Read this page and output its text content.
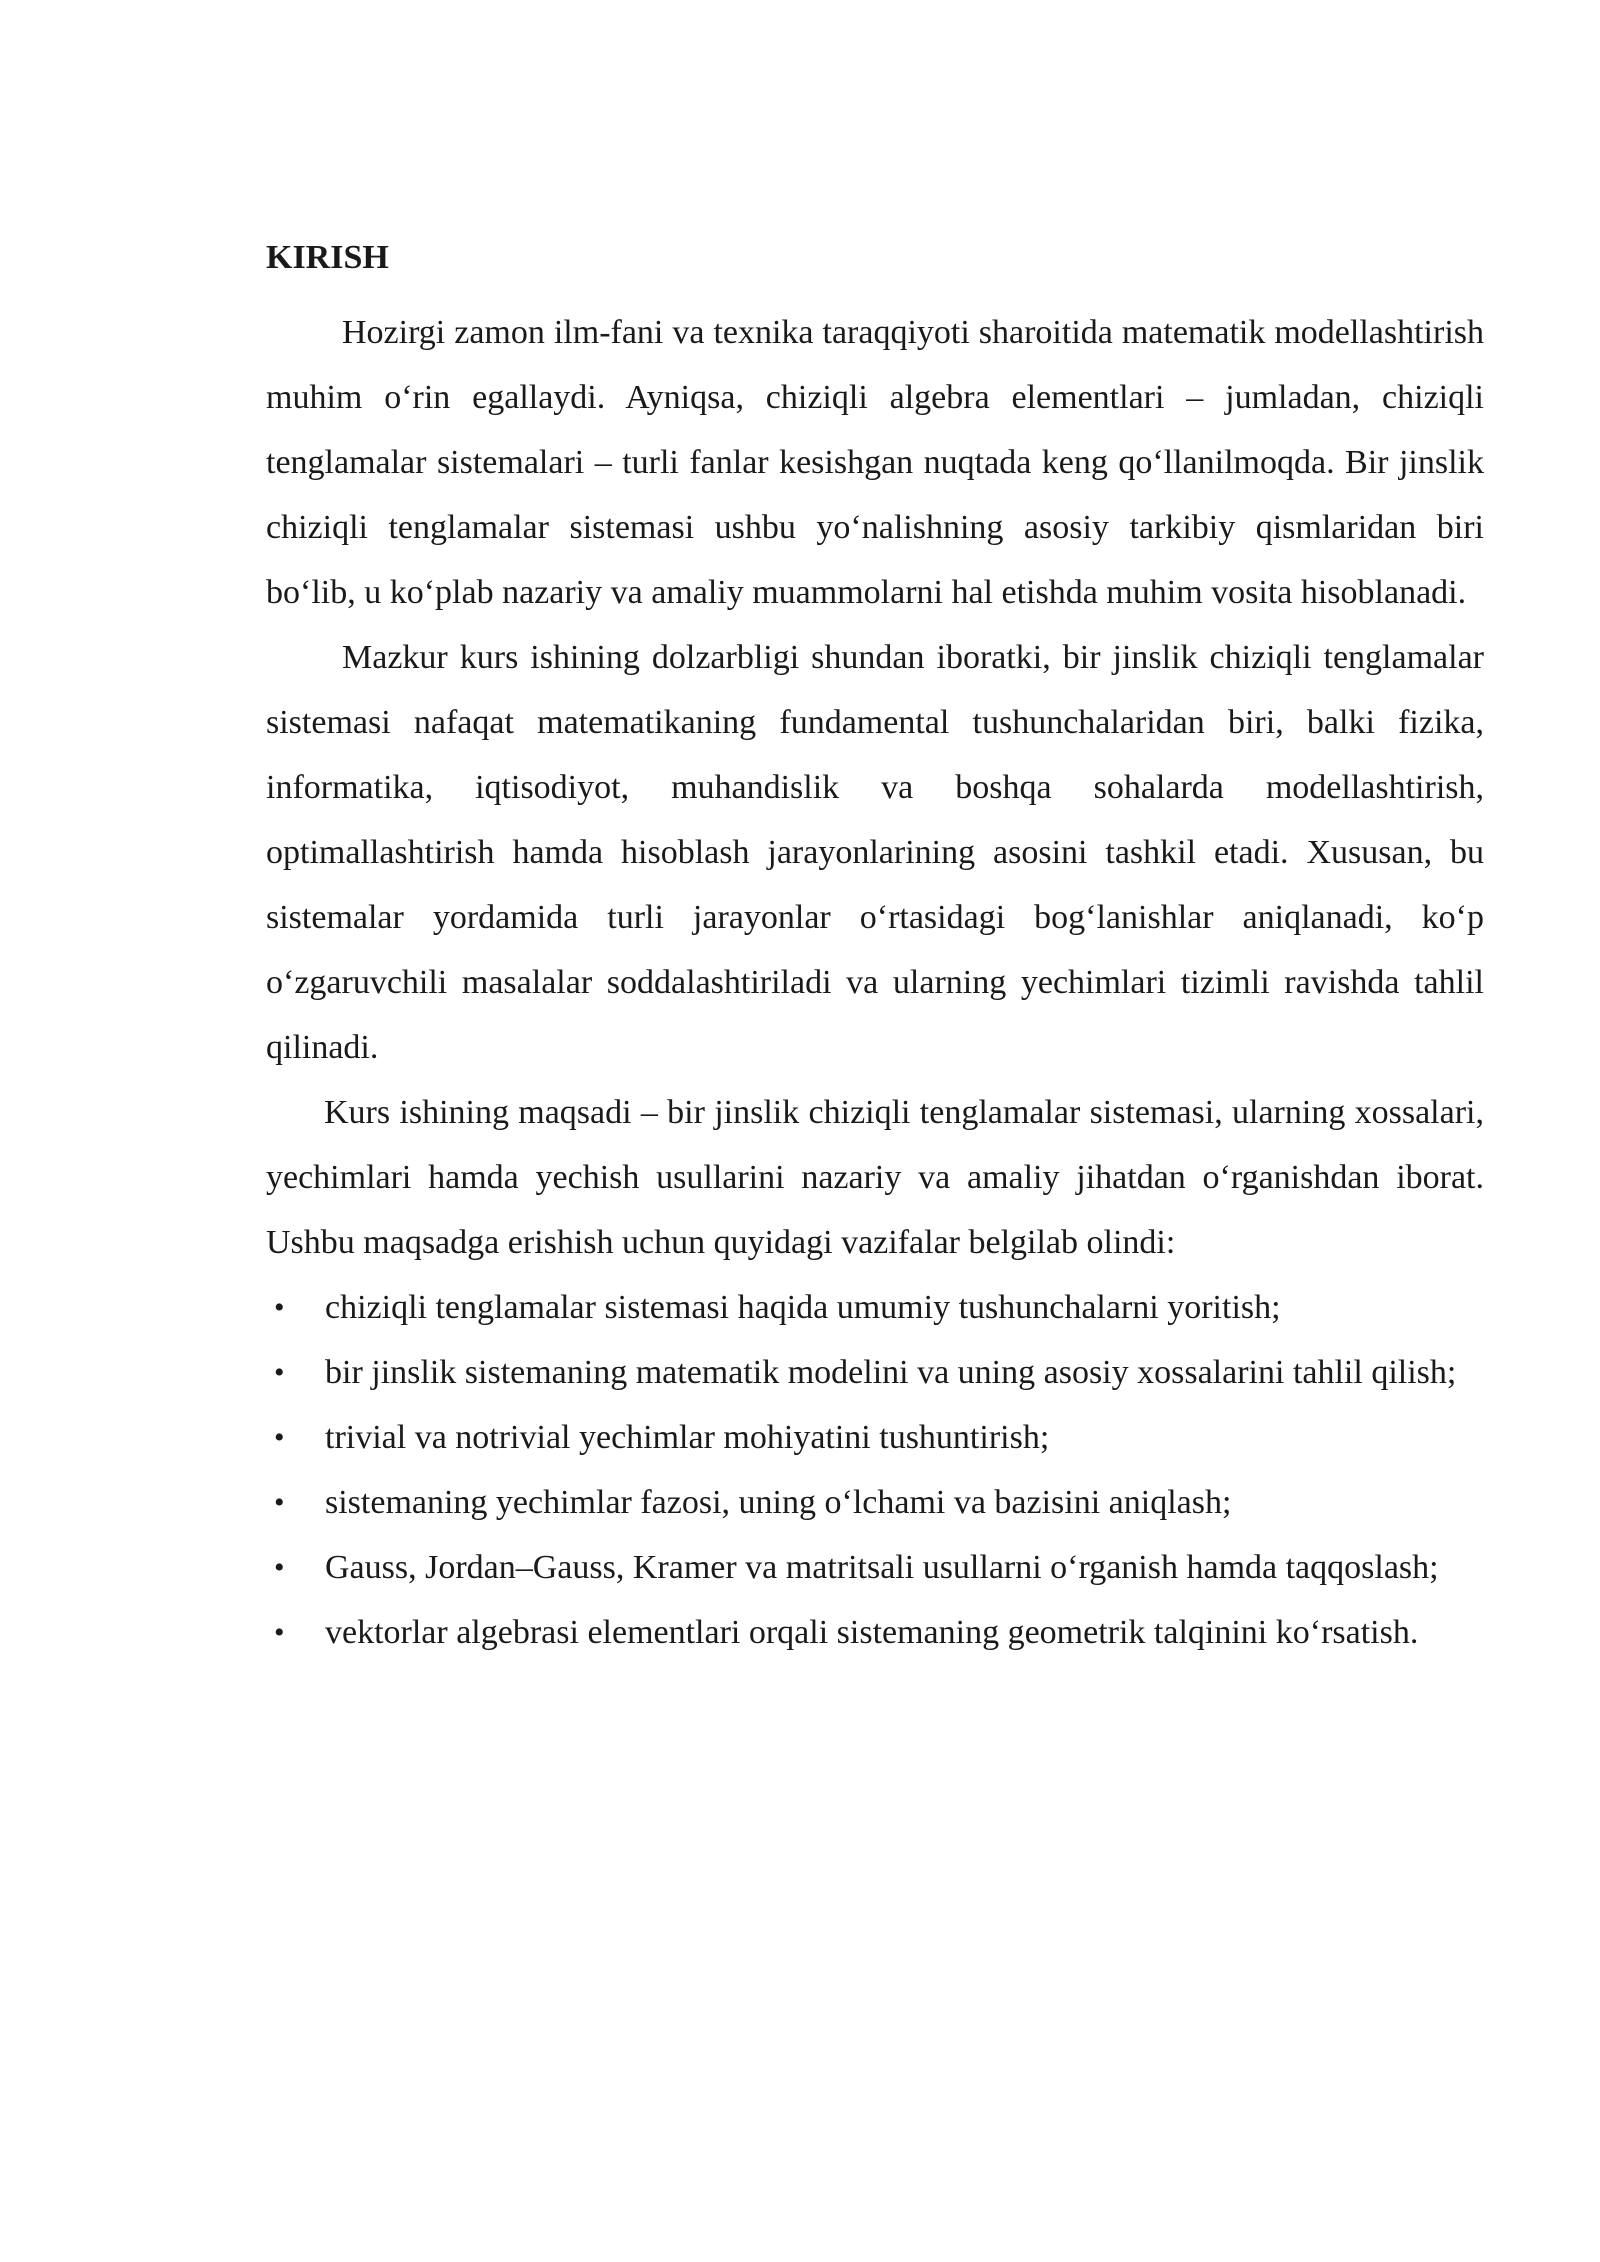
KIRISH

Hozirgi zamon ilm-fani va texnika taraqqiyoti sharoitida matematik modellashtirish muhim o‘rin egallaydi. Ayniqsa, chiziqli algebra elementlari – jumladan, chiziqli tenglamalar sistemalari – turli fanlar kesishgan nuqtada keng qo‘llanilmoqda. Bir jinslik chiziqli tenglamalar sistemasi ushbu yo‘nalishning asosiy tarkibiy qismlaridan biri bo‘lib, u ko‘plab nazariy va amaliy muammolarni hal etishda muhim vosita hisoblanadi.

Mazkur kurs ishining dolzarbligi shundan iboratki, bir jinslik chiziqli tenglamalar sistemasi nafaqat matematikaning fundamental tushunchalaridan biri, balki fizika, informatika, iqtisodiyot, muhandislik va boshqa sohalarda modellashtirish, optimallashtirish hamda hisoblash jarayonlarining asosini tashkil etadi. Xususan, bu sistemalar yordamida turli jarayonlar o‘rtasidagi bog‘lanishlar aniqlanadi, ko‘p o‘zgaruvchili masalalar soddalashtiriladi va ularning yechimlari tizimli ravishda tahlil qilinadi.

Kurs ishining maqsadi – bir jinslik chiziqli tenglamalar sistemasi, ularning xossalari, yechimlari hamda yechish usullarini nazariy va amaliy jihatdan o‘rganishdan iborat. Ushbu maqsadga erishish uchun quyidagi vazifalar belgilab olindi:

• chiziqli tenglamalar sistemasi haqida umumiy tushunchalarni yoritish;
• bir jinslik sistemaning matematik modelini va uning asosiy xossalarini tahlil qilish;
• trivial va notrivial yechimlar mohiyatini tushuntirish;
• sistemaning yechimlar fazosi, uning o‘lchami va bazisini aniqlash;
• Gauss, Jordan–Gauss, Kramer va matritsali usullarni o‘rganish hamda taqqoslash;
• vektorlar algebrasi elementlari orqali sistemaning geometrik talqinini ko‘rsatish.
